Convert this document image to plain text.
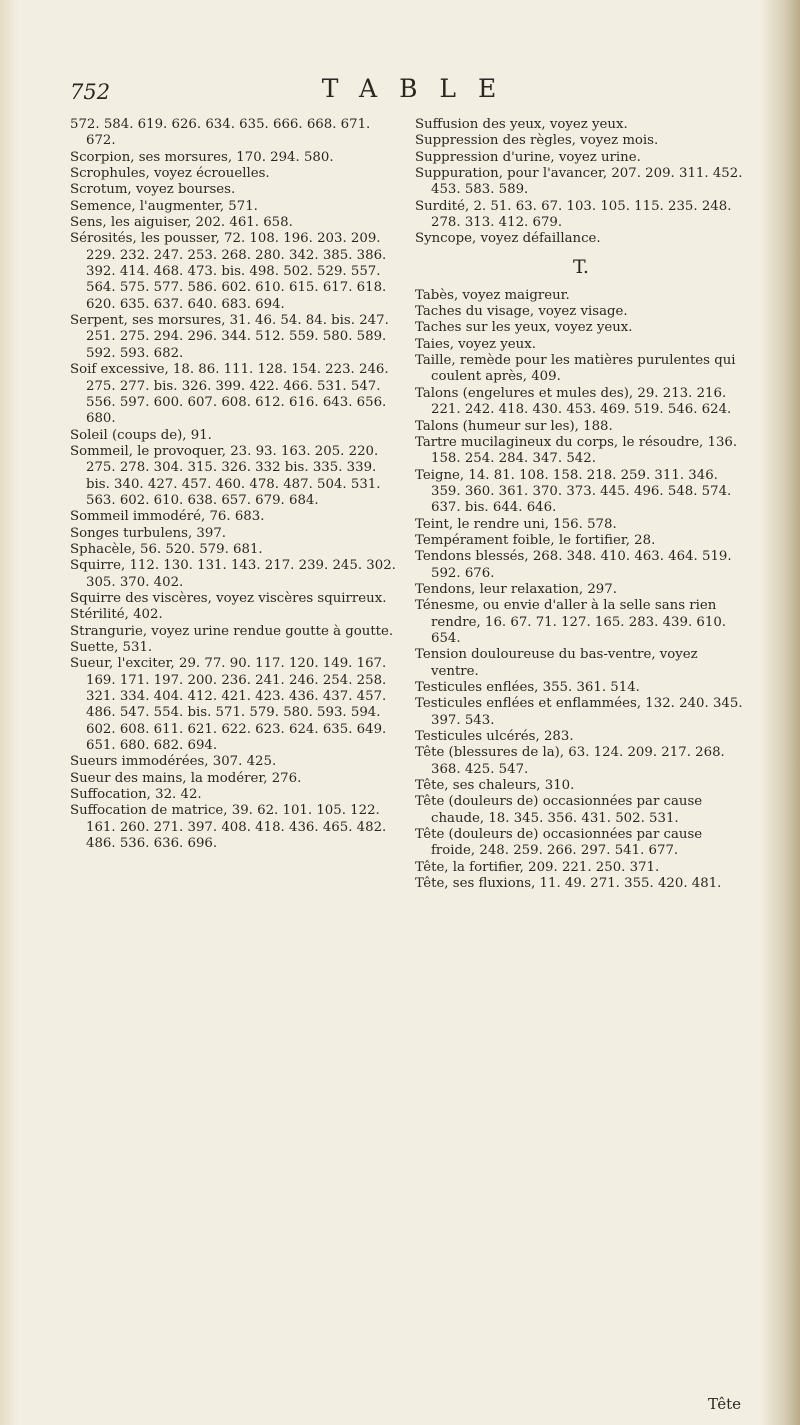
752	TABLE

572. 584. 619. 626. 634. 635. 666. 668. 671. 672.

Scorpion, ses morsures, 170. 294. 580.

Scrophules, voyez écrouelles.

Scrotum, voyez bourses.

Semence, l'augmenter, 571.

Sens, les aiguiser, 202. 461. 658.

Sérosités, les pousser, 72. 108. 196. 203. 209. 229. 232. 247. 253. 268. 280. 342. 385. 386. 392. 414. 468. 473. bis. 498. 502. 529. 557. 564. 575. 577. 586. 602. 610. 615. 617. 618. 620. 635. 637. 640. 683. 694.

Serpent, ses morsures, 31. 46. 54. 84. bis. 247. 251. 275. 294. 296. 344. 512. 559. 580. 589. 592. 593. 682.

Soif excessive, 18. 86. 111. 128. 154. 223. 246. 275. 277. bis. 326. 399. 422. 466. 531. 547. 556. 597. 600. 607. 608. 612. 616. 643. 656. 680.

Soleil (coups de), 91.

Sommeil, le provoquer, 23. 93. 163. 205. 220. 275. 278. 304. 315. 326. 332 bis. 335. 339. bis. 340. 427. 457. 460. 478. 487. 504. 531. 563. 602. 610. 638. 657. 679. 684.

Sommeil immodéré, 76. 683.

Songes turbulens, 397.

Sphacèle, 56. 520. 579. 681.

Squirre, 112. 130. 131. 143. 217. 239. 245. 302. 305. 370. 402.

Squirre des viscères, voyez viscères squirreux.

Stérilité, 402.

Strangurie, voyez urine rendue goutte à goutte.

Suette, 531.

Sueur, l'exciter, 29. 77. 90. 117. 120. 149. 167. 169. 171. 197. 200. 236. 241. 246. 254. 258. 321. 334. 404. 412. 421. 423. 436. 437. 457. 486. 547. 554. bis. 571. 579. 580. 593. 594. 602. 608. 611. 621. 622. 623. 624. 635. 649. 651. 680. 682. 694.

Sueurs immodérées, 307. 425.

Sueur des mains, la modérer, 276.

Suffocation, 32. 42.

Suffocation de matrice, 39. 62. 101. 105. 122. 161. 260. 271. 397. 408. 418. 436. 465. 482. 486. 536. 636. 696.

Suffusion des yeux, voyez yeux.

Suppression des règles, voyez mois.

Suppression d'urine, voyez urine.

Suppuration, pour l'avancer, 207. 209. 311. 452. 453. 583. 589.

Surdité, 2. 51. 63. 67. 103. 105. 115. 235. 248. 278. 313. 412. 679.

Syncope, voyez défaillance.

T.

Tabès, voyez maigreur.

Taches du visage, voyez visage.

Taches sur les yeux, voyez yeux.

Taies, voyez yeux.

Taille, remède pour les matières purulentes qui coulent après, 409.

Talons (engelures et mules des), 29. 213. 216. 221. 242. 418. 430. 453. 469. 519. 546. 624.

Talons (humeur sur les), 188.

Tartre mucilagineux du corps, le résoudre, 136. 158. 254. 284. 347. 542.

Teigne, 14. 81. 108. 158. 218. 259. 311. 346. 359. 360. 361. 370. 373. 445. 496. 548. 574. 637. bis. 644. 646.

Teint, le rendre uni, 156. 578.

Tempérament foible, le fortifier, 28.

Tendons blessés, 268. 348. 410. 463. 464. 519. 592. 676.

Tendons, leur relaxation, 297.

Ténesme, ou envie d'aller à la selle sans rien rendre, 16. 67. 71. 127. 165. 283. 439. 610. 654.

Tension douloureuse du bas-ventre, voyez ventre.

Testicules enflées, 355. 361. 514.

Testicules enflées et enflammées, 132. 240. 345. 397. 543.

Testicules ulcérés, 283.

Tête (blessures de la), 63. 124. 209. 217. 268. 368. 425. 547.

Tête, ses chaleurs, 310.

Tête (douleurs de) occasionnées par cause chaude, 18. 345. 356. 431. 502. 531.

Tête (douleurs de) occasionnées par cause froide, 248. 259. 266. 297. 541. 677.

Tête, la fortifier, 209. 221. 250. 371.

Tête, ses fluxions, 11. 49. 271. 355. 420. 481.

Tête
